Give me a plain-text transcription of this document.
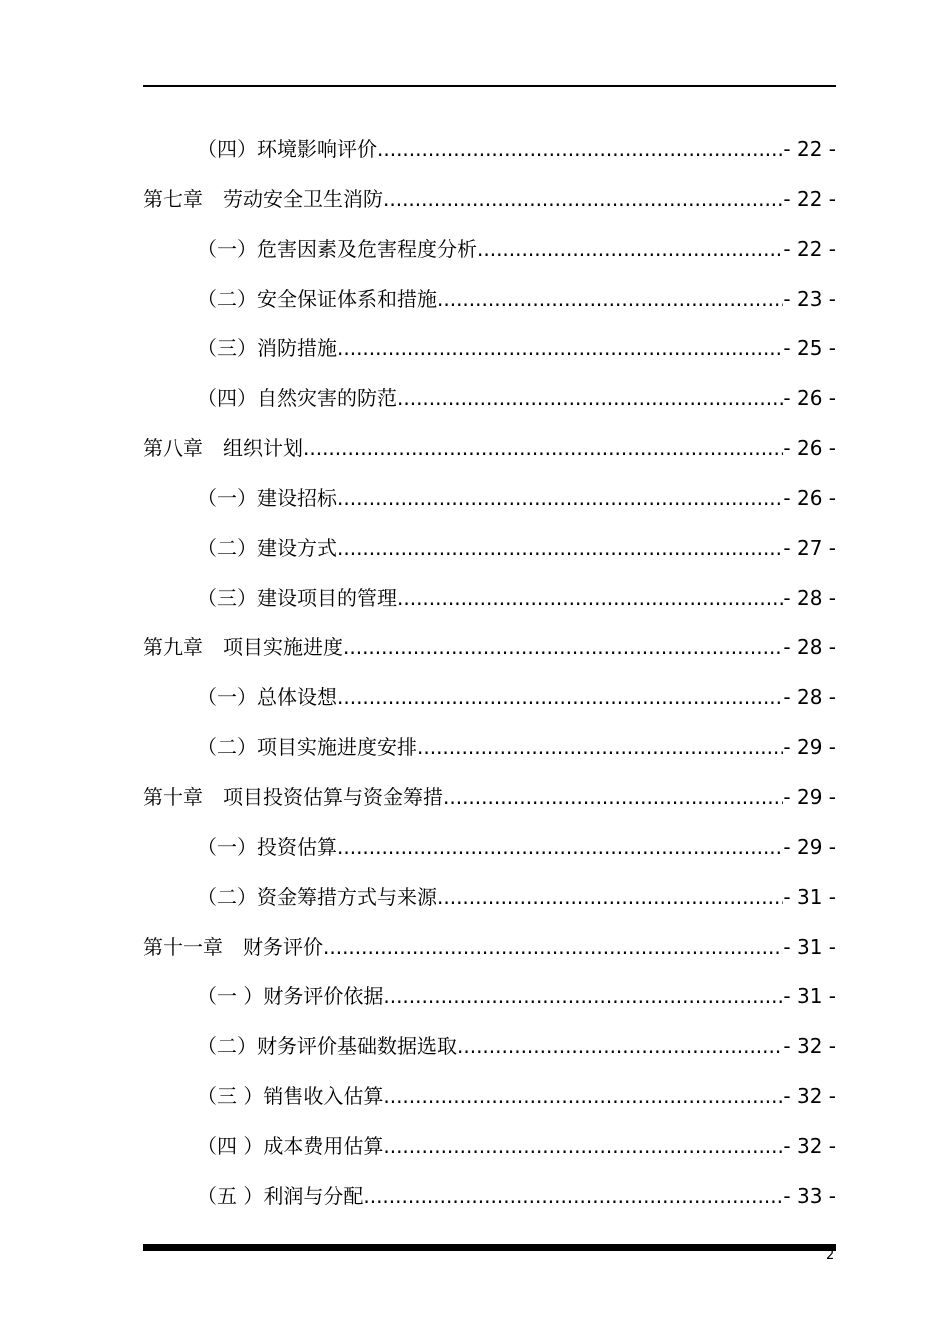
（四）环境影响评价 .....	- 22 -
第七章　劳动安全卫生消防 .....	- 22 -
（一）危害因素及危害程度分析 .....	- 22 -
（二）安全保证体系和措施 .....	- 23 -
（三）消防措施 .....	- 25 -
（四）自然灾害的防范 .....	- 26 -
第八章　组织计划 .....	- 26 -
（一）建设招标 .....	- 26 -
（二）建设方式 .....	- 27 -
（三）建设项目的管理 .....	- 28 -
第九章　项目实施进度 .....	- 28 -
（一）总体设想 .....	- 28 -
（二）项目实施进度安排 .....	- 29 -
第十章　项目投资估算与资金筹措 .....	- 29 -
（一）投资估算 .....	- 29 -
（二）资金筹措方式与来源 .....	- 31 -
第十一章　财务评价 .....	- 31 -
（一 ）财务评价依据 .....	- 31 -
（二）财务评价基础数据选取 .....	- 32 -
（三 ）销售收入估算 .....	- 32 -
（四 ）成本费用估算 .....	- 32 -
（五 ）利润与分配 .....	- 33 -
2
